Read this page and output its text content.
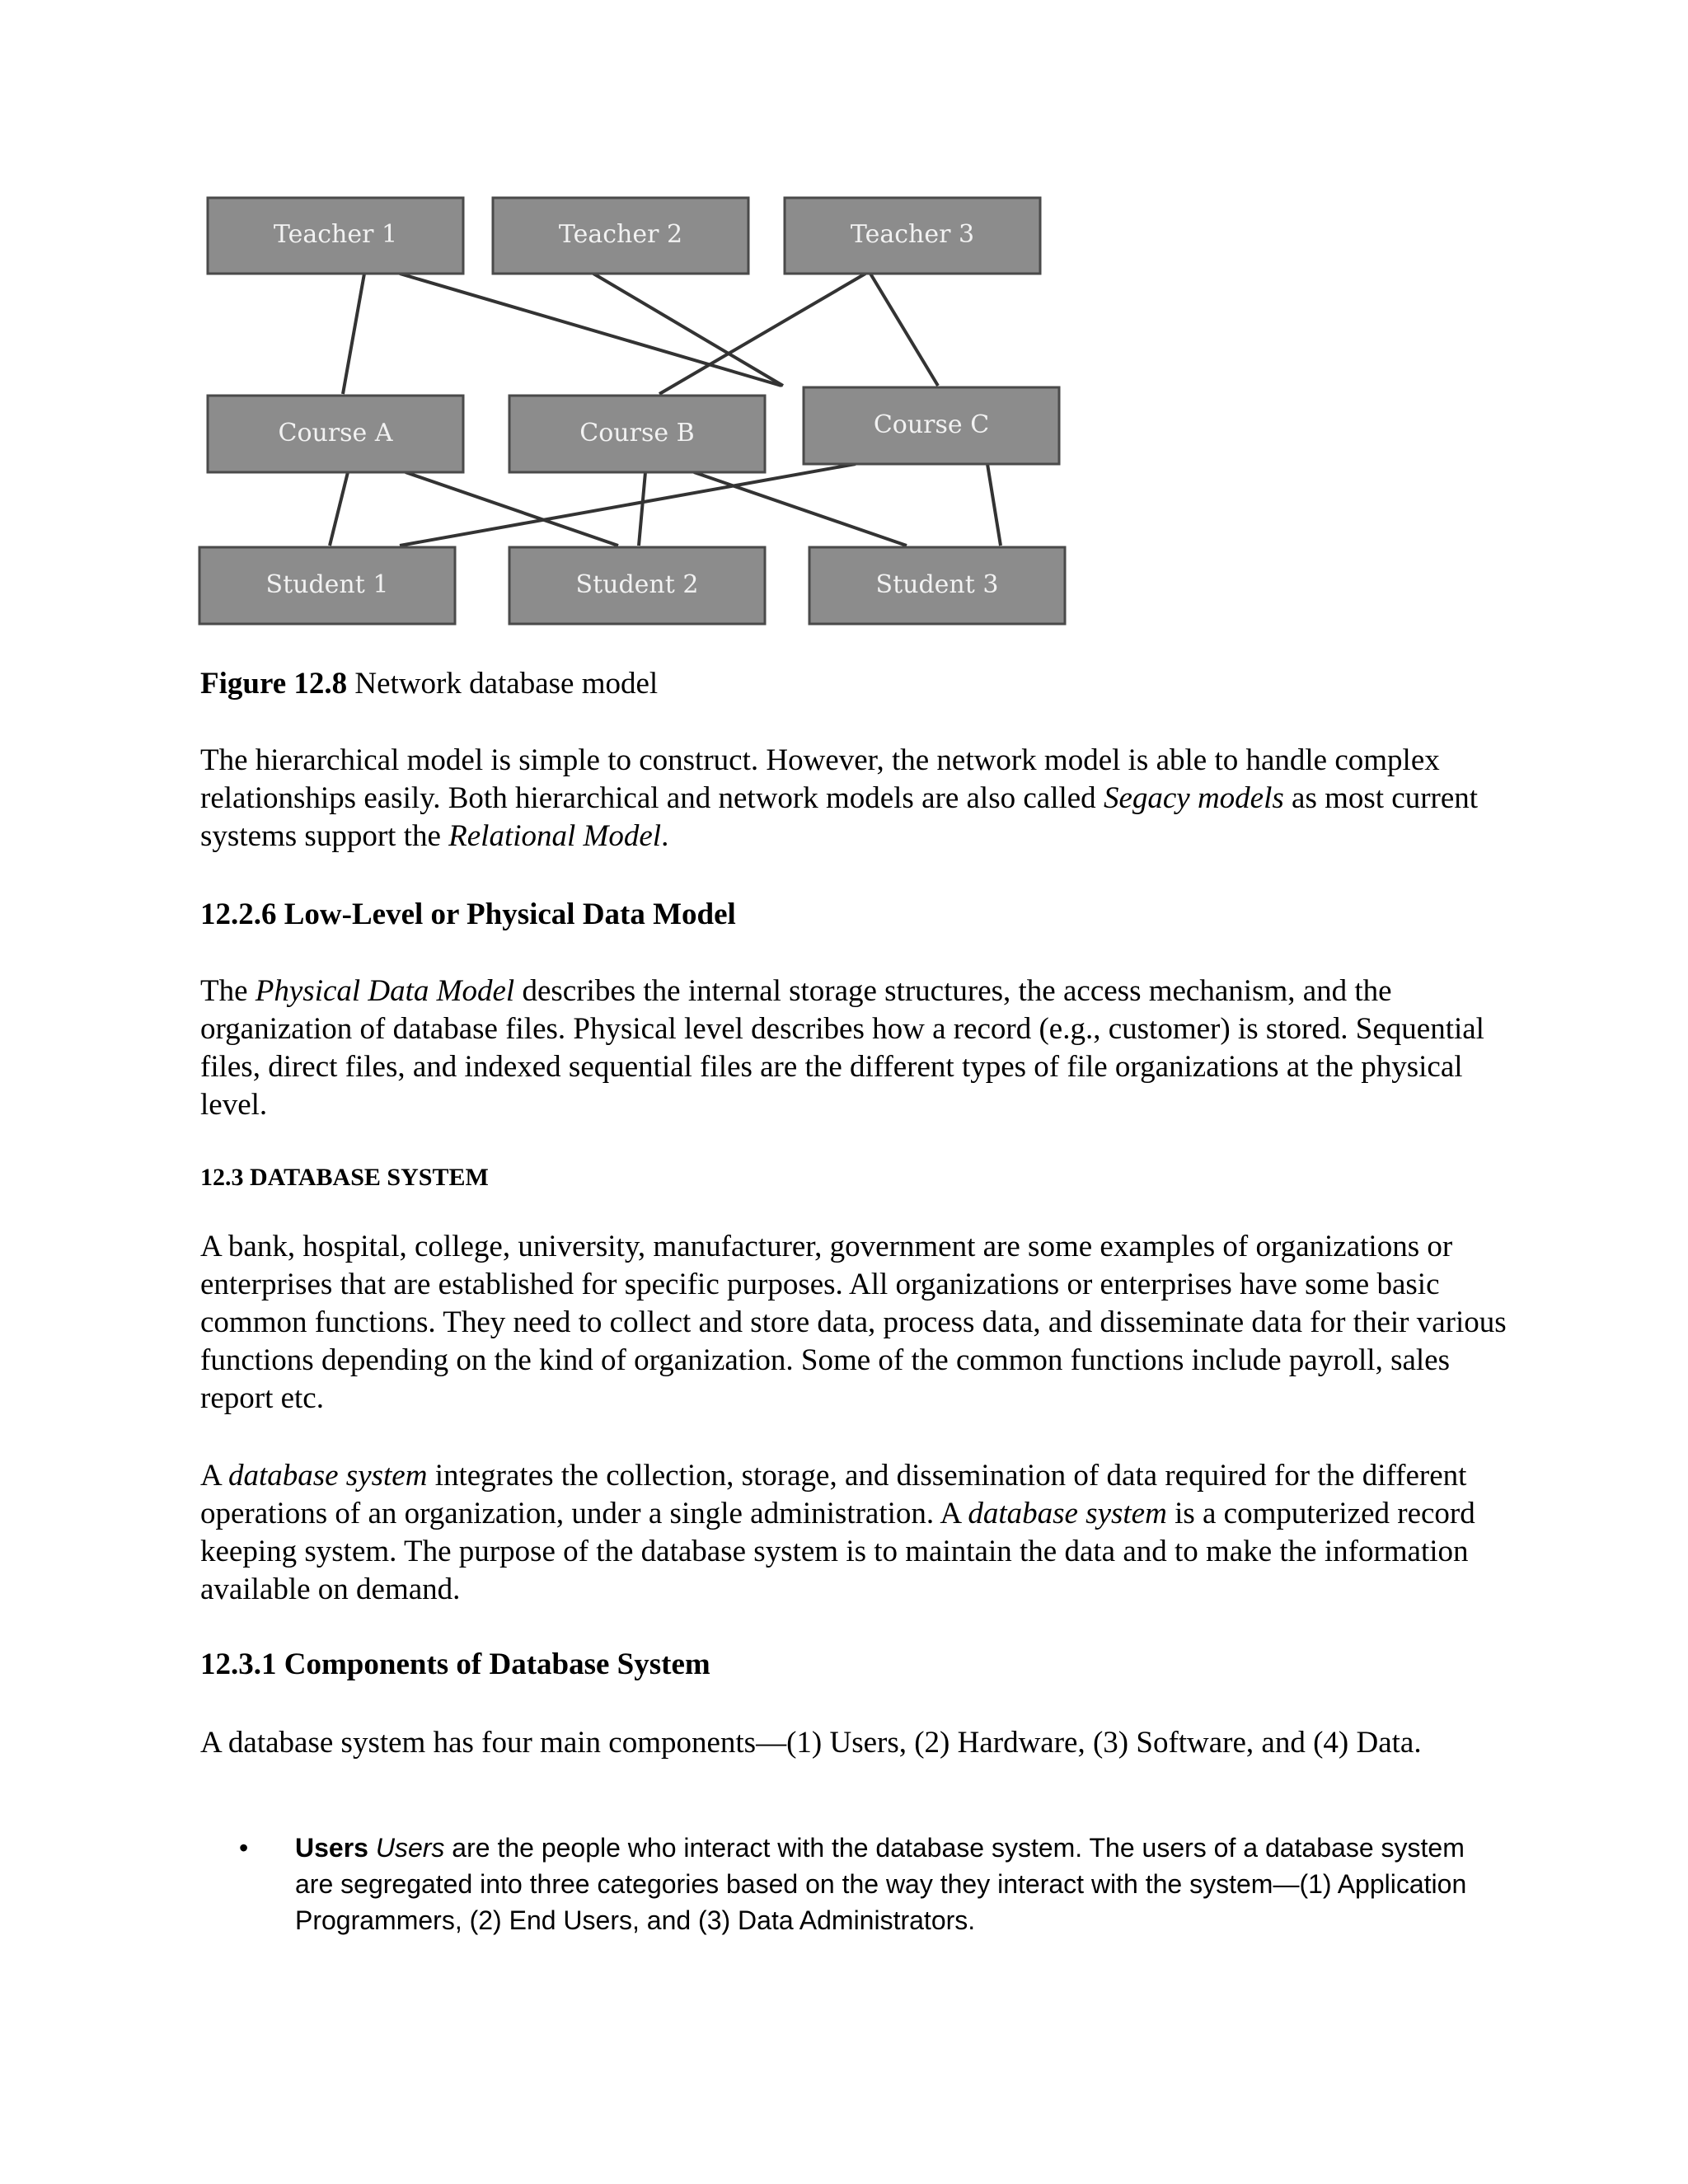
Teacher 1	Teacher 2	Teacher 3
Course A	Course B	Course C
Student 1	Student 2	Student 3
Figure 12.8 Network database model

The hierarchical model is simple to construct. However, the network model is able to handle complex relationships easily. Both hierarchical and network models are also called Segacy models as most current systems support the Relational Model.

12.2.6 Low-Level or Physical Data Model

The Physical Data Model describes the internal storage structures, the access mechanism, and the organization of database files. Physical level describes how a record (e.g., customer) is stored. Sequential files, direct files, and indexed sequential files are the different types of file organizations at the physical level.

12.3 DATABASE SYSTEM

A bank, hospital, college, university, manufacturer, government are some examples of organizations or enterprises that are established for specific purposes. All organizations or enterprises have some basic common functions. They need to collect and store data, process data, and disseminate data for their various functions depending on the kind of organization. Some of the common functions include payroll, sales report etc.

A database system integrates the collection, storage, and dissemination of data required for the different operations of an organization, under a single administration. A database system is a computerized record keeping system. The purpose of the database system is to maintain the data and to make the information available on demand.

12.3.1 Components of Database System

A database system has four main components—(1) Users, (2) Hardware, (3) Software, and (4) Data.

• Users Users are the people who interact with the database system. The users of a database system are segregated into three categories based on the way they interact with the system—(1) Application Programmers, (2) End Users, and (3) Data Administrators.
